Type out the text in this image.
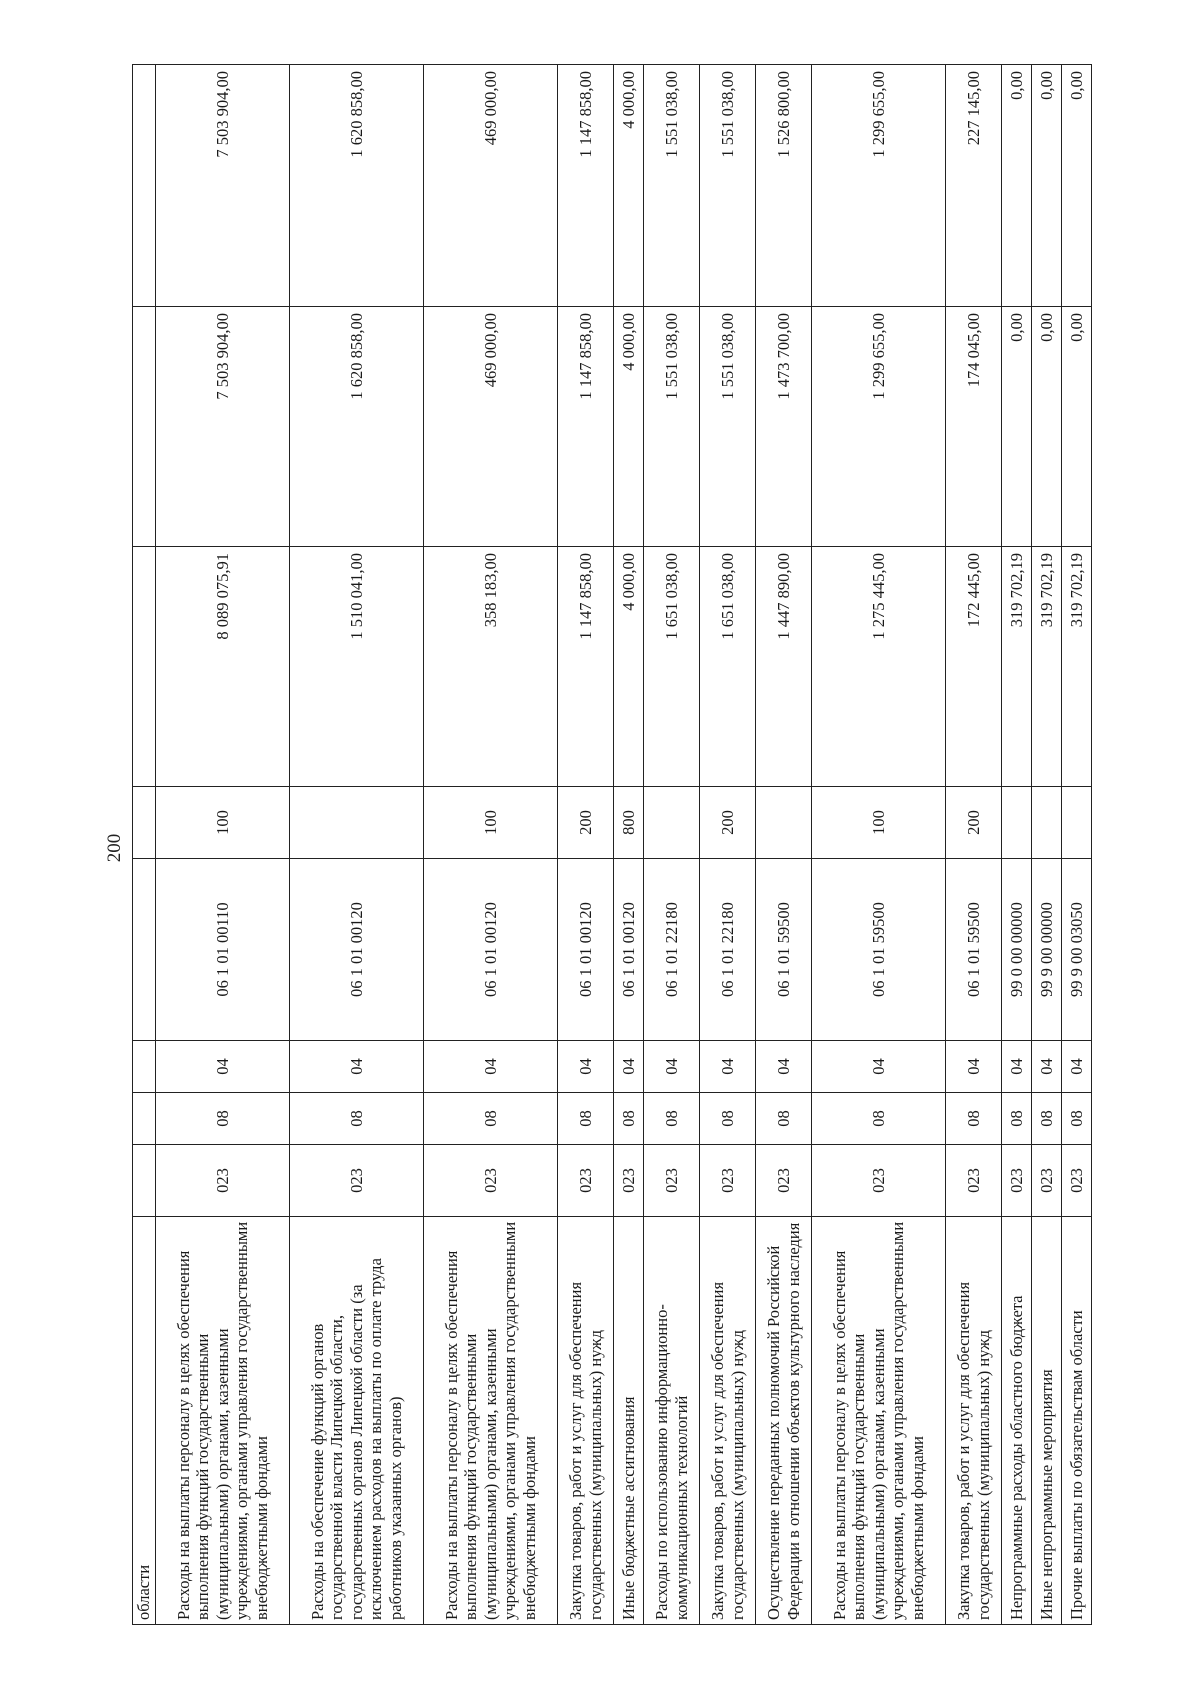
200
области								
Расходы на выплаты персоналу в целях обеспечения выполнения функций государственными (муниципальными) органами, казенными учреждениями, органами управления государственными внебюджетными фондами	023	08	04	06 1 01 00110	100	8 089 075,91	7 503 904,00	7 503 904,00
Расходы на обеспечение функций органов государственной власти Липецкой области, государственных органов Липецкой области (за исключением расходов на выплаты по оплате труда работников указанных органов)	023	08	04	06 1 01 00120		1 510 041,00	1 620 858,00	1 620 858,00
Расходы на выплаты персоналу в целях обеспечения выполнения функций государственными (муниципальными) органами, казенными учреждениями, органами управления государственными внебюджетными фондами	023	08	04	06 1 01 00120	100	358 183,00	469 000,00	469 000,00
Закупка товаров, работ и услуг для обеспечения государственных (муниципальных) нужд	023	08	04	06 1 01 00120	200	1 147 858,00	1 147 858,00	1 147 858,00
Иные бюджетные ассигнования	023	08	04	06 1 01 00120	800	4 000,00	4 000,00	4 000,00
Расходы по использованию информационно-коммуникационных технологий	023	08	04	06 1 01 22180		1 651 038,00	1 551 038,00	1 551 038,00
Закупка товаров, работ и услуг для обеспечения государственных (муниципальных) нужд	023	08	04	06 1 01 22180	200	1 651 038,00	1 551 038,00	1 551 038,00
Осуществление переданных полномочий Российской Федерации в отношении объектов культурного наследия	023	08	04	06 1 01 59500		1 447 890,00	1 473 700,00	1 526 800,00
Расходы на выплаты персоналу в целях обеспечения выполнения функций государственными (муниципальными) органами, казенными учреждениями, органами управления государственными внебюджетными фондами	023	08	04	06 1 01 59500	100	1 275 445,00	1 299 655,00	1 299 655,00
Закупка товаров, работ и услуг для обеспечения государственных (муниципальных) нужд	023	08	04	06 1 01 59500	200	172 445,00	174 045,00	227 145,00
Непрограммные расходы областного бюджета	023	08	04	99 0 00 00000		319 702,19	0,00	0,00
Иные непрограммные мероприятия	023	08	04	99 9 00 00000		319 702,19	0,00	0,00
Прочие выплаты по обязательствам области	023	08	04	99 9 00 03050		319 702,19	0,00	0,00
